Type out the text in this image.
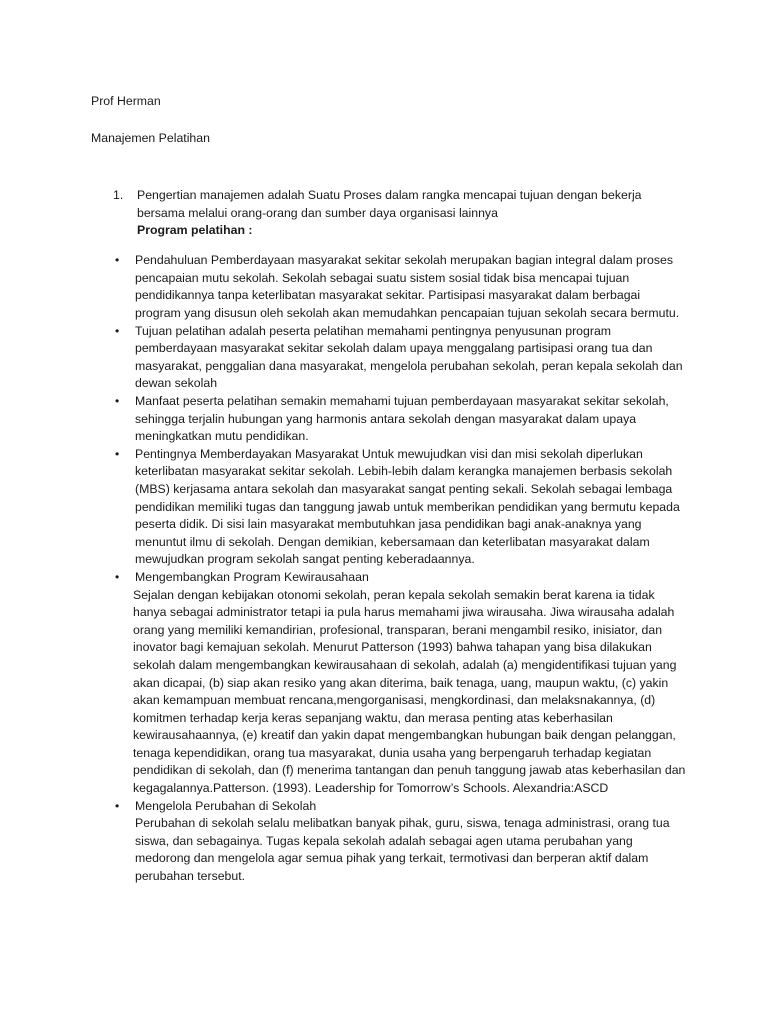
Prof Herman

Manajemen Pelatihan

1. Pengertian manajemen adalah Suatu Proses dalam rangka mencapai tujuan dengan bekerja bersama melalui orang-orang dan sumber daya organisasi lainnya

Program pelatihan :

• Pendahuluan Pemberdayaan masyarakat sekitar sekolah merupakan bagian integral dalam proses pencapaian mutu sekolah. Sekolah sebagai suatu sistem sosial tidak bisa mencapai tujuan pendidikannya tanpa keterlibatan masyarakat sekitar. Partisipasi masyarakat dalam berbagai program yang disusun oleh sekolah akan memudahkan pencapaian tujuan sekolah secara bermutu.

• Tujuan pelatihan adalah peserta pelatihan memahami pentingnya penyusunan program pemberdayaan masyarakat sekitar sekolah dalam upaya menggalang partisipasi orang tua dan masyarakat, penggalian dana masyarakat, mengelola perubahan sekolah, peran kepala sekolah dan dewan sekolah

• Manfaat peserta pelatihan semakin memahami tujuan pemberdayaan masyarakat sekitar sekolah, sehingga terjalin hubungan yang harmonis antara sekolah dengan masyarakat dalam upaya meningkatkan mutu pendidikan.

• Pentingnya Memberdayakan Masyarakat Untuk mewujudkan visi dan misi sekolah diperlukan keterlibatan masyarakat sekitar sekolah. Lebih-lebih dalam kerangka manajemen berbasis sekolah (MBS) kerjasama antara sekolah dan masyarakat sangat penting sekali. Sekolah sebagai lembaga pendidikan memiliki tugas dan tanggung jawab untuk memberikan pendidikan yang bermutu kepada peserta didik. Di sisi lain masyarakat membutuhkan jasa pendidikan bagi anak-anaknya yang menuntut ilmu di sekolah. Dengan demikian, kebersamaan dan keterlibatan masyarakat dalam mewujudkan program sekolah sangat penting keberadaannya.

• Mengembangkan Program Kewirausahaan

Sejalan dengan kebijakan otonomi sekolah, peran kepala sekolah semakin berat karena ia tidak hanya sebagai administrator tetapi ia pula harus memahami jiwa wirausaha. Jiwa wirausaha adalah orang yang memiliki kemandirian, profesional, transparan, berani mengambil resiko, inisiator, dan inovator bagi kemajuan sekolah. Menurut Patterson (1993) bahwa tahapan yang bisa dilakukan sekolah dalam mengembangkan kewirausahaan di sekolah, adalah (a) mengidentifikasi tujuan yang akan dicapai, (b) siap akan resiko yang akan diterima, baik tenaga, uang, maupun waktu, (c) yakin akan kemampuan membuat rencana,mengorganisasi, mengkordinasi, dan melaksnakannya, (d) komitmen terhadap kerja keras sepanjang waktu, dan merasa penting atas keberhasilan kewirausahaannya, (e) kreatif dan yakin dapat mengembangkan hubungan baik dengan pelanggan, tenaga kependidikan, orang tua masyarakat, dunia usaha yang berpengaruh terhadap kegiatan pendidikan di sekolah, dan (f) menerima tantangan dan penuh tanggung jawab atas keberhasilan dan kegagalannya.Patterson. (1993). Leadership for Tomorrow’s Schools. Alexandria:ASCD

• Mengelola Perubahan di Sekolah

Perubahan di sekolah selalu melibatkan banyak pihak, guru, siswa, tenaga administrasi, orang tua siswa, dan sebagainya. Tugas kepala sekolah adalah sebagai agen utama perubahan yang medorong dan mengelola agar semua pihak yang terkait, termotivasi dan berperan aktif dalam perubahan tersebut.
